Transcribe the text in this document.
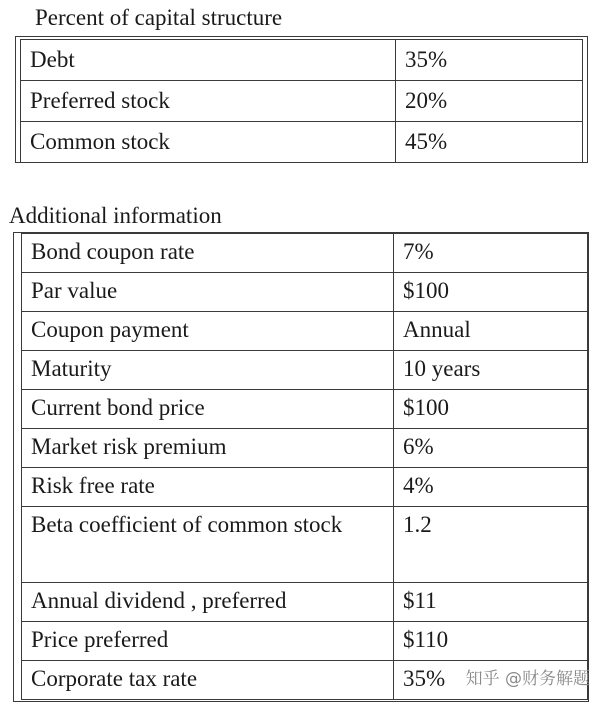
Percent of capital structure
Debt	35%
Preferred stock	20%
Common stock	45%
Additional information
Bond coupon rate	7%
Par value	$100
Coupon payment	Annual
Maturity	10 years
Current bond price	$100
Market risk premium	6%
Risk free rate	4%
Beta coefficient of common stock	1.2
Annual dividend , preferred	$11
Price preferred	$110
Corporate tax rate	35% 知乎 @财务解题
